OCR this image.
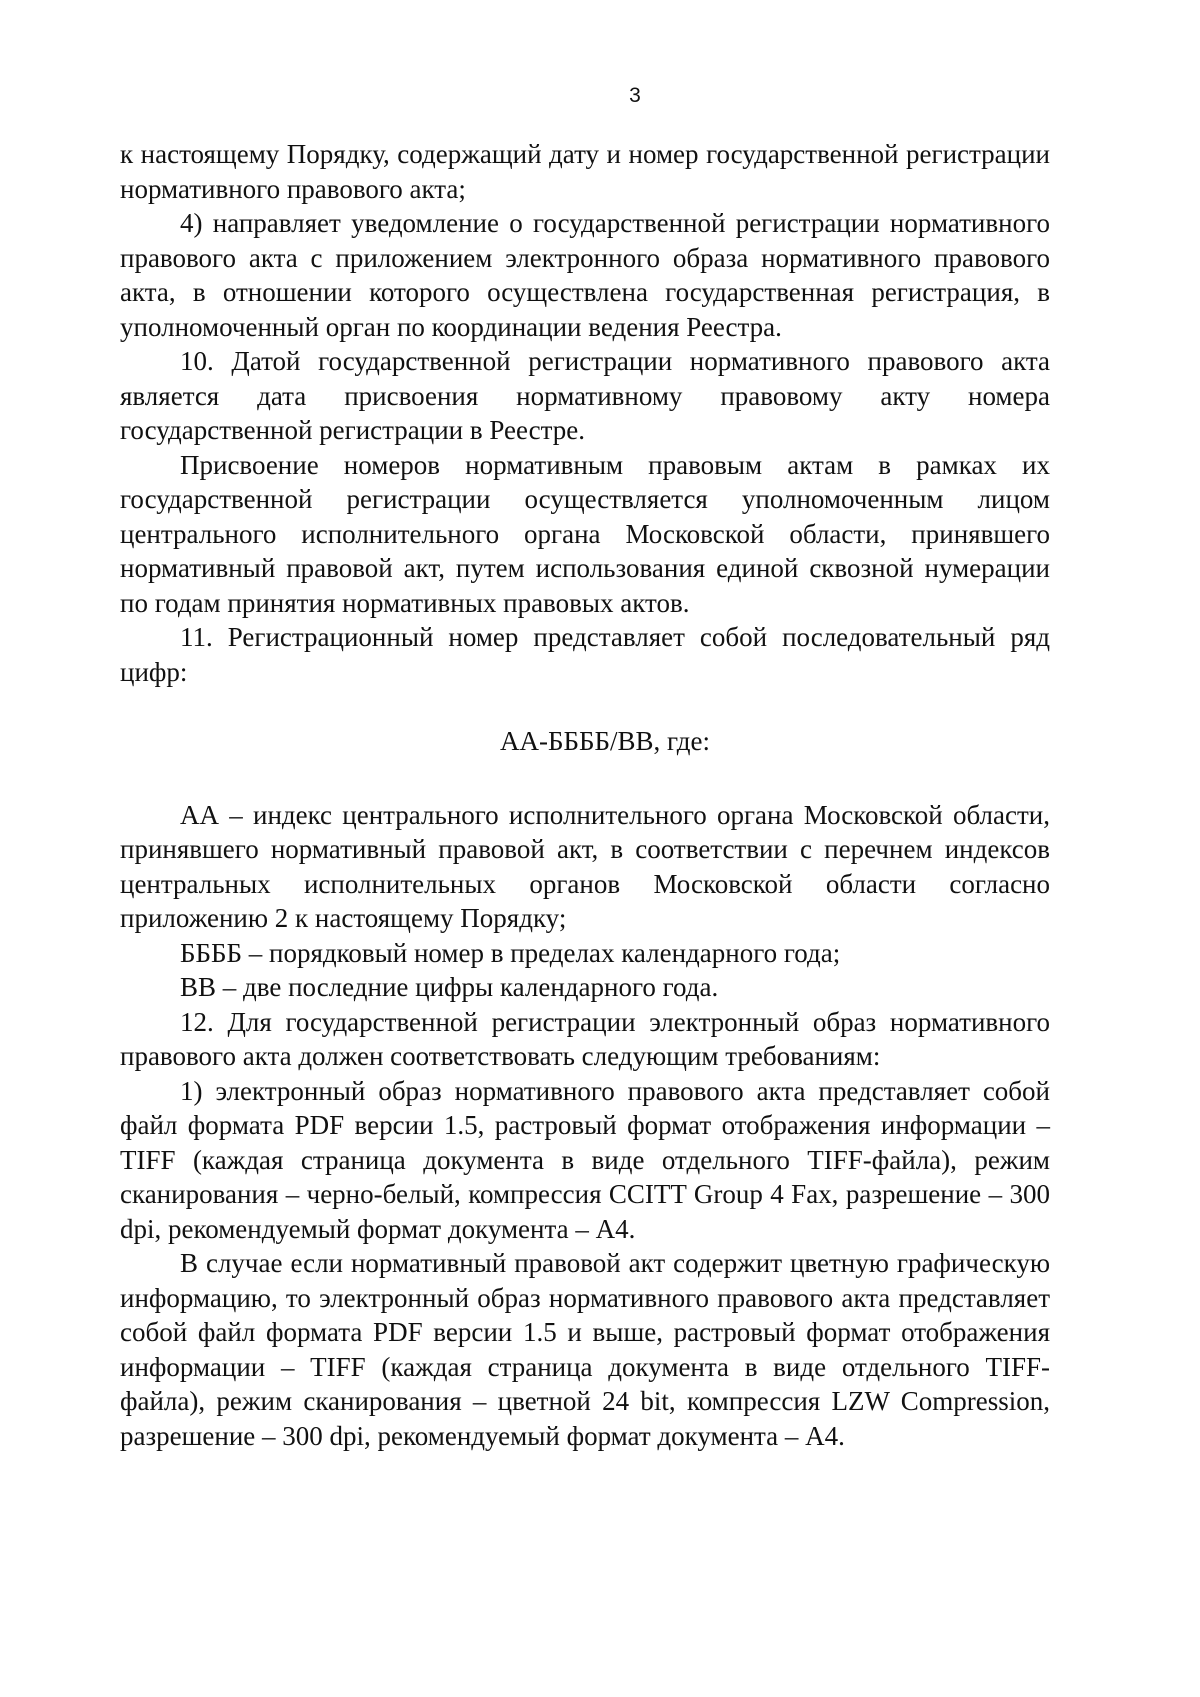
3

к настоящему Порядку, содержащий дату и номер государственной регистрации нормативного правового акта;

4) направляет уведомление о государственной регистрации нормативного правового акта с приложением электронного образа нормативного правового акта, в отношении которого осуществлена государственная регистрация, в уполномоченный орган по координации ведения Реестра.

10. Датой государственной регистрации нормативного правового акта является дата присвоения нормативному правовому акту номера государственной регистрации в Реестре.

Присвоение номеров нормативным правовым актам в рамках их государственной регистрации осуществляется уполномоченным лицом центрального исполнительного органа Московской области, принявшего нормативный правовой акт, путем использования единой сквозной нумерации по годам принятия нормативных правовых актов.

11. Регистрационный номер представляет собой последовательный ряд цифр:

АА-ББББ/ВВ, где:

АА – индекс центрального исполнительного органа Московской области, принявшего нормативный правовой акт, в соответствии с перечнем индексов центральных исполнительных органов Московской области согласно приложению 2 к настоящему Порядку;

ББББ – порядковый номер в пределах календарного года;

ВВ – две последние цифры календарного года.

12. Для государственной регистрации электронный образ нормативного правового акта должен соответствовать следующим требованиям:

1) электронный образ нормативного правового акта представляет собой файл формата PDF версии 1.5, растровый формат отображения информации – TIFF (каждая страница документа в виде отдельного TIFF-файла), режим сканирования – черно-белый, компрессия CCITT Group 4 Fax, разрешение – 300 dpi, рекомендуемый формат документа – А4.

В случае если нормативный правовой акт содержит цветную графическую информацию, то электронный образ нормативного правового акта представляет собой файл формата PDF версии 1.5 и выше, растровый формат отображения информации – TIFF (каждая страница документа в виде отдельного TIFF-файла), режим сканирования – цветной 24 bit, компрессия LZW Compression, разрешение – 300 dpi, рекомендуемый формат документа – А4.
